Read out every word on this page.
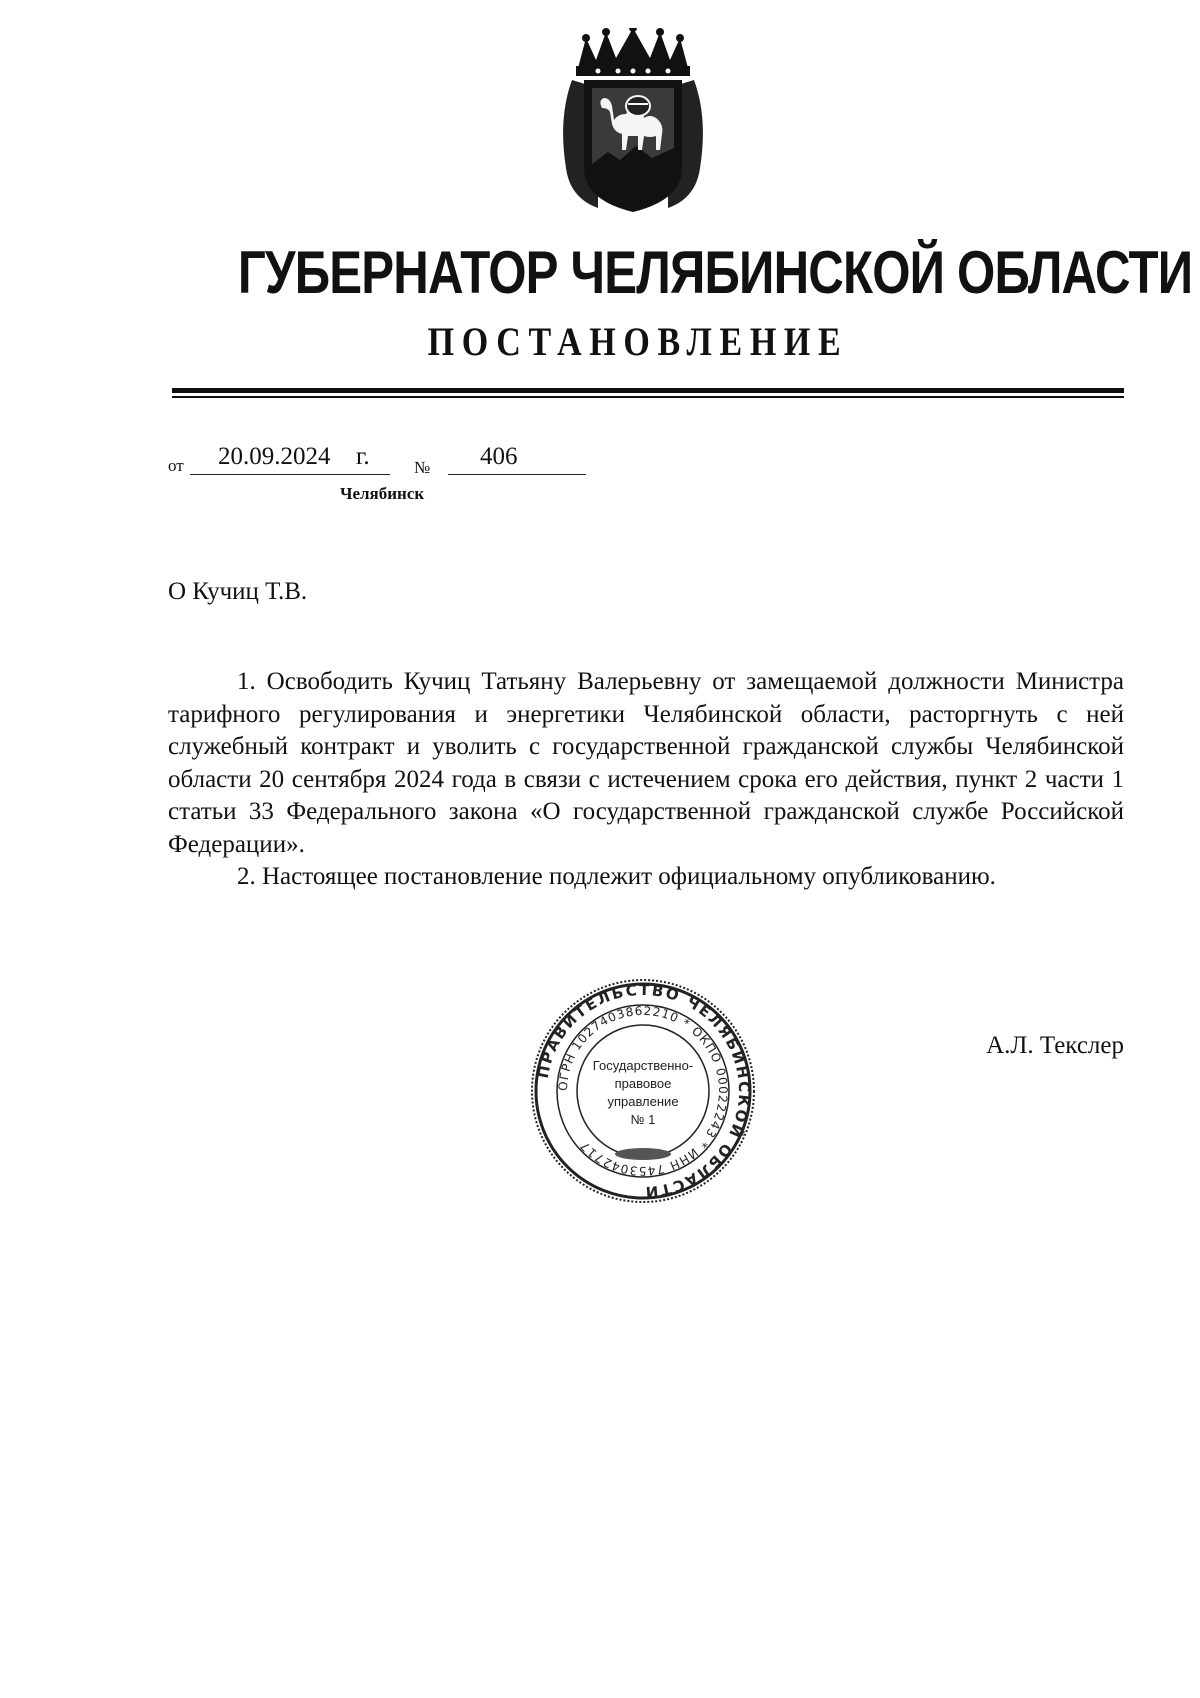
ГУБЕРНАТОР ЧЕЛЯБИНСКОЙ ОБЛАСТИ
ПОСТАНОВЛЕНИЕ
от 20.09.2024 г.	№ 406
Челябинск
О Кучиц Т.В.

1. Освободить Кучиц Татьяну Валерьевну от замещаемой должности Министра тарифного регулирования и энергетики Челябинской области, расторгнуть с ней служебный контракт и уволить с государственной гражданской службы Челябинской области 20 сентября 2024 года в связи с истечением срока его действия, пункт 2 части 1 статьи 33 Федерального закона «О государственной гражданской службе Российской Федерации».

2. Настоящее постановление подлежит официальному опубликованию.

ПРАВИТЕЛЬСТВО ЧЕЛЯБИНСКОЙ ОБЛАСТИ
ОГРН 1027403862210 * ОКПО 00022243 * ИНН 7453042717
Государственно-
правовое
управление
№ 1
А.Л. Текслер
